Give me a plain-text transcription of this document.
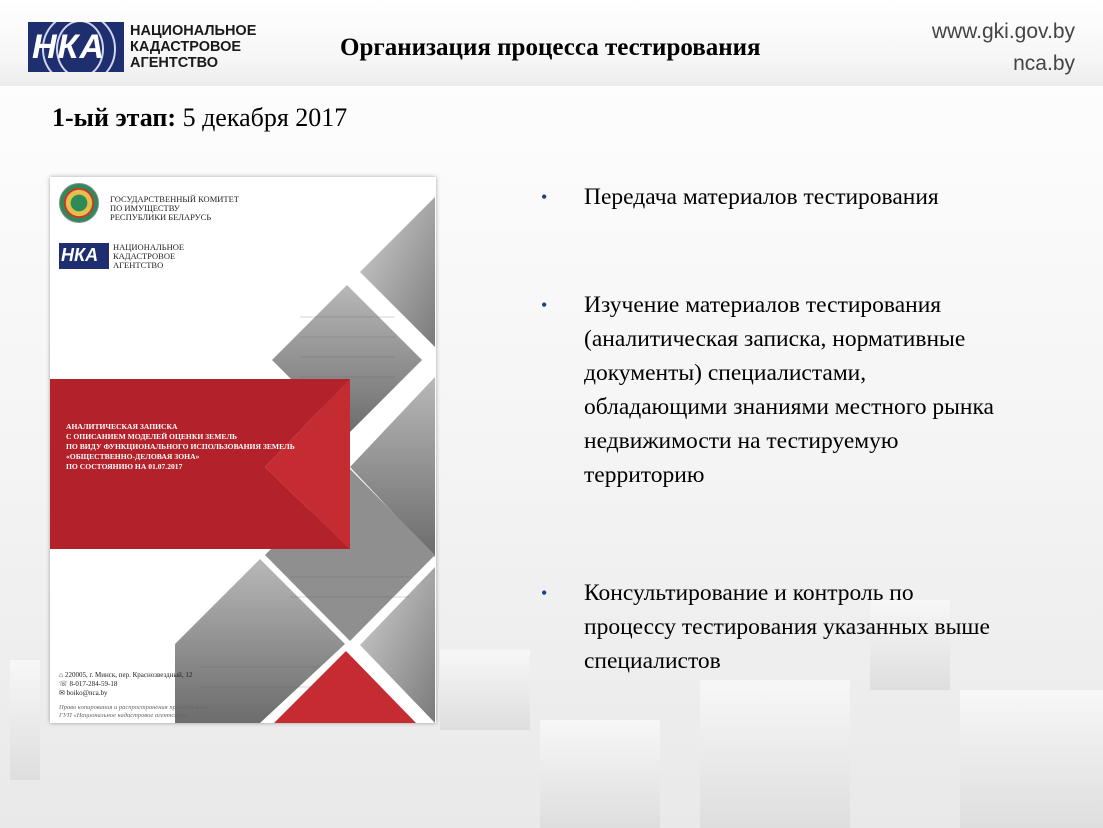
НКА НАЦИОНАЛЬНОЕ
КАДАСТРОВОЕ
АГЕНТСТВО
Организация процесса тестирования
www.gki.gov.by
nca.by
1-ый этап: 5 декабря 2017
ГОСУДАРСТВЕННЫЙ КОМИТЕТ
ПО ИМУЩЕСТВУ
РЕСПУБЛИКИ БЕЛАРУСЬ
НКА НАЦИОНАЛЬНОЕ
КАДАСТРОВОЕ
АГЕНТСТВО
АНАЛИТИЧЕСКАЯ ЗАПИСКА
С ОПИСАНИЕМ МОДЕЛЕЙ ОЦЕНКИ ЗЕМЕЛЬ
ПО ВИДУ ФУНКЦИОНАЛЬНОГО ИСПОЛЬЗОВАНИЯ ЗЕМЕЛЬ
«ОБЩЕСТВЕННО-ДЕЛОВАЯ ЗОНА»
ПО СОСТОЯНИЮ НА 01.07.2017
⌂ 220005, г. Минск, пер. Краснозвездный, 12
☏ 8-017-284-59-18
✉ boiko@nca.by
Право копирования и распространения принадлежит
ГУП «Национальное кадастровое агентство»
• Передача материалов тестирования
• Изучение материалов тестирования (аналитическая записка, нормативные документы) специалистами, обладающими знаниями местного рынка недвижимости на тестируемую территорию
• Консультирование и контроль по процессу тестирования указанных выше специалистов
